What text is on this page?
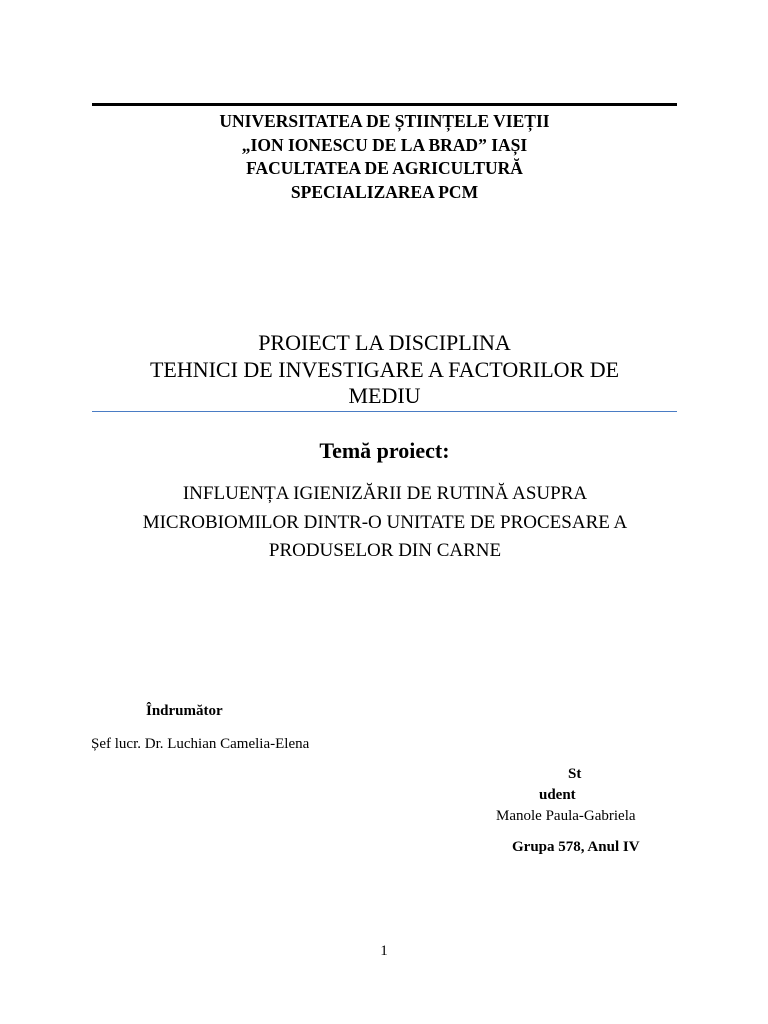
UNIVERSITATEA DE ȘTIINȚELE VIEȚII
„ION IONESCU DE LA BRAD” IAȘI
FACULTATEA DE AGRICULTURĂ
SPECIALIZAREA PCM
PROIECT LA DISCIPLINA
TEHNICI DE INVESTIGARE A FACTORILOR DE
MEDIU
Temă proiect:
INFLUENȚA IGIENIZĂRII DE RUTINĂ ASUPRA
MICROBIOMILOR DINTR-O UNITATE DE PROCESARE A
PRODUSELOR DIN CARNE
Îndrumător
Șef lucr. Dr. Luchian Camelia-Elena
St
udent
Manole Paula-Gabriela
Grupa 578, Anul IV
1
